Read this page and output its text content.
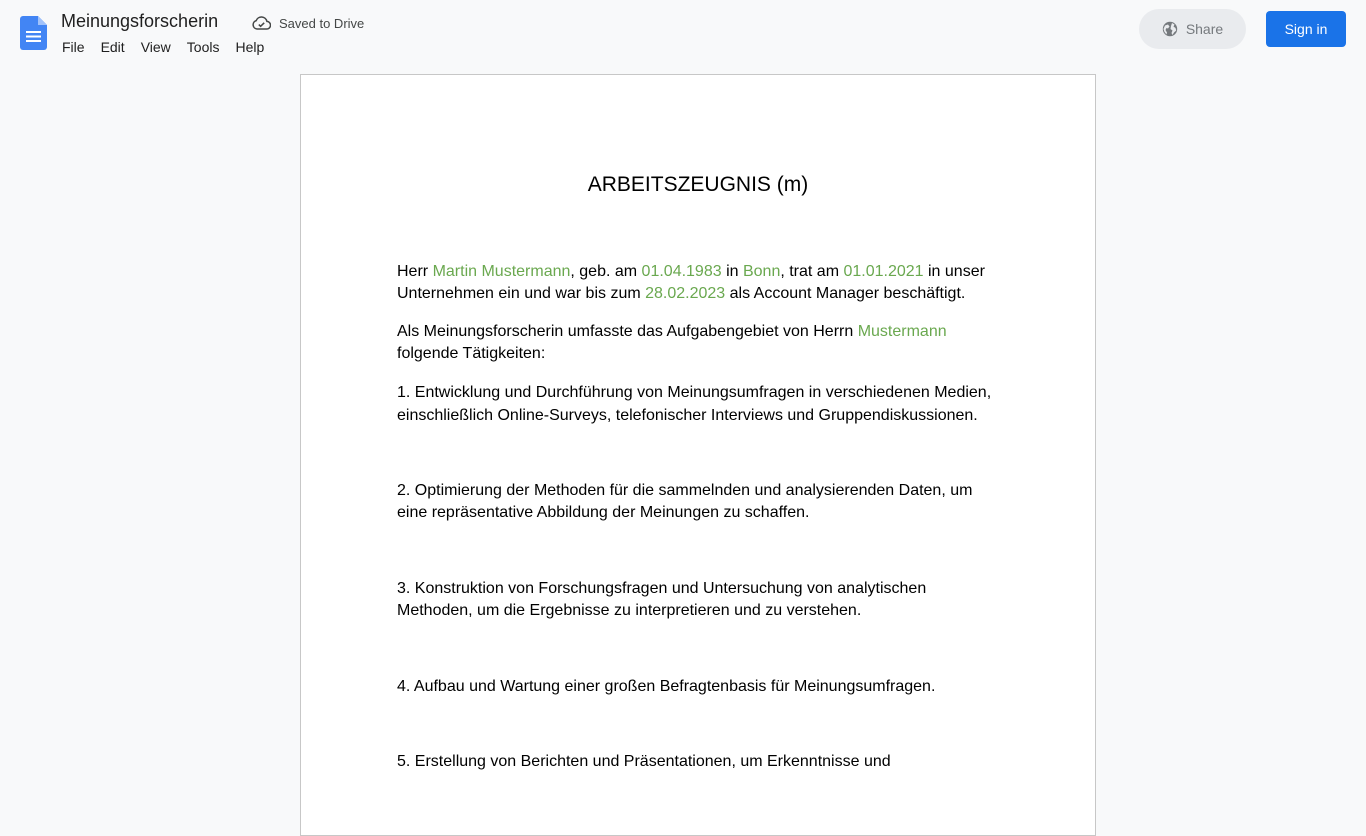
Meinungsforscherin	Saved to Drive
File	Edit	View	Tools	Help
Share	Sign in
ARBEITSZEUGNIS (m)

Herr Martin Mustermann, geb. am 01.04.1983 in Bonn, trat am 01.01.2021 in unser Unternehmen ein und war bis zum 28.02.2023 als Account Manager beschäftigt.

Als Meinungsforscherin umfasste das Aufgabengebiet von Herrn Mustermann folgende Tätigkeiten:

1. Entwicklung und Durchführung von Meinungsumfragen in verschiedenen Medien, einschließlich Online-Surveys, telefonischer Interviews und Gruppendiskussionen.

2. Optimierung der Methoden für die sammelnden und analysierenden Daten, um eine repräsentative Abbildung der Meinungen zu schaffen.

3. Konstruktion von Forschungsfragen und Untersuchung von analytischen Methoden, um die Ergebnisse zu interpretieren und zu verstehen.

4. Aufbau und Wartung einer großen Befragtenbasis für Meinungsumfragen.

5. Erstellung von Berichten und Präsentationen, um Erkenntnisse und
